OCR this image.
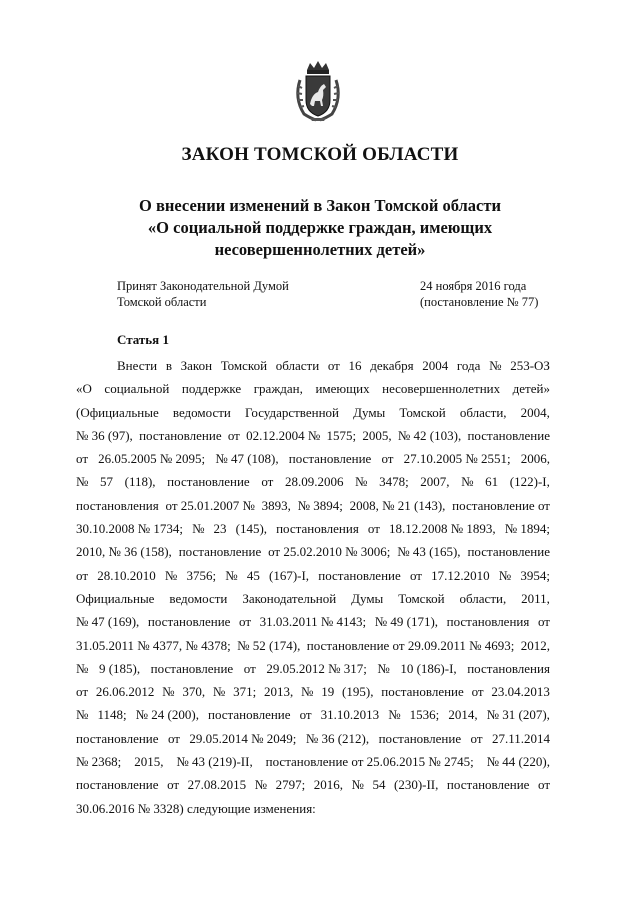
ЗАКОН ТОМСКОЙ ОБЛАСТИ
О внесении изменений в Закон Томской области
«О социальной поддержке граждан, имеющих
несовершеннолетних детей»
Принят Законодательной Думой
Томской области
24 ноября 2016 года
(постановление № 77)
Статья 1
Внести в Закон Томской области от 16 декабря 2004 года № 253-ОЗ
«О социальной поддержке граждан, имеющих несовершеннолетних детей»
(Официальные ведомости Государственной Думы Томской области, 2004,
№ 36 (97), постановление от 02.12.2004 № 1575; 2005, № 42 (103), постановление
от 26.05.2005 № 2095; № 47 (108), постановление от 27.10.2005 № 2551; 2006,
№ 57 (118), постановление от 28.09.2006 № 3478; 2007, № 61 (122)-I,
постановления от 25.01.2007 № 3893, № 3894; 2008, № 21 (143), постановление от
30.10.2008 № 1734; № 23 (145), постановления от 18.12.2008 № 1893, № 1894;
2010, № 36 (158), постановление от 25.02.2010 № 3006; № 43 (165), постановление
от 28.10.2010 № 3756; № 45 (167)-I, постановление от 17.12.2010 № 3954;
Официальные ведомости Законодательной Думы Томской области, 2011,
№ 47 (169), постановление от 31.03.2011 № 4143; № 49 (171), постановления от
31.05.2011 № 4377, № 4378; № 52 (174), постановление от 29.09.2011 № 4693; 2012,
№ 9 (185), постановление от 29.05.2012 № 317; № 10 (186)-I, постановления
от 26.06.2012 № 370, № 371; 2013, № 19 (195), постановление от 23.04.2013
№ 1148; № 24 (200), постановление от 31.10.2013 № 1536; 2014, № 31 (207),
постановление от 29.05.2014 № 2049; № 36 (212), постановление от 27.11.2014
№ 2368; 2015, № 43 (219)-II, постановление от 25.06.2015 № 2745; № 44 (220),
постановление от 27.08.2015 № 2797; 2016, № 54 (230)-II, постановление от
30.06.2016 № 3328) следующие изменения:
